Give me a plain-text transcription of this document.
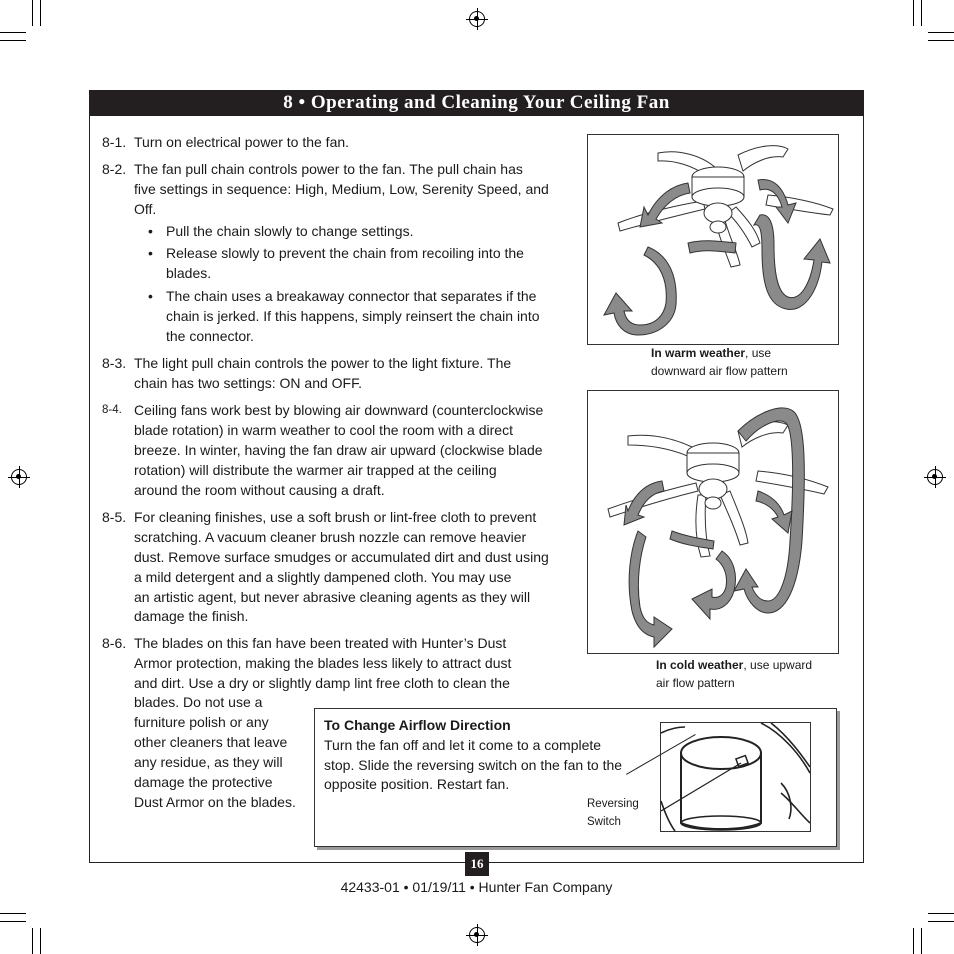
8 • Operating and Cleaning Your Ceiling Fan
8-1. Turn on electrical power to the fan.
8-2. The fan pull chain controls power to the fan. The pull chain has
five settings in sequence: High, Medium, Low, Serenity Speed, and
Off.
• Pull the chain slowly to change settings.
• Release slowly to prevent the chain from recoiling into the
blades.
• The chain uses a breakaway connector that separates if the
chain is jerked. If this happens, simply reinsert the chain into
the connector.
8-3. The light pull chain controls the power to the light fixture. The
chain has two settings: ON and OFF.
8-4. Ceiling fans work best by blowing air downward (counterclockwise
blade rotation) in warm weather to cool the room with a direct
breeze. In winter, having the fan draw air upward (clockwise blade
rotation) will distribute the warmer air trapped at the ceiling
around the room without causing a draft.
8-5. For cleaning finishes, use a soft brush or lint-free cloth to prevent
scratching. A vacuum cleaner brush nozzle can remove heavier
dust. Remove surface smudges or accumulated dirt and dust using
a mild detergent and a slightly dampened cloth. You may use
an artistic agent, but never abrasive cleaning agents as they will
damage the finish.
8-6. The blades on this fan have been treated with Hunter’s Dust
Armor protection, making the blades less likely to attract dust
and dirt. Use a dry or slightly damp lint free cloth to clean the
blades. Do not use a
furniture polish or any
other cleaners that leave
any residue, as they will
damage the protective
Dust Armor on the blades.
In warm weather, use
downward air flow pattern
In cold weather, use upward
air flow pattern
To Change Airflow Direction
Turn the fan off and let it come to a complete
stop. Slide the reversing switch on the fan to the
opposite position. Restart fan.
Reversing
Switch
16
42433-01 • 01/19/11 • Hunter Fan Company
